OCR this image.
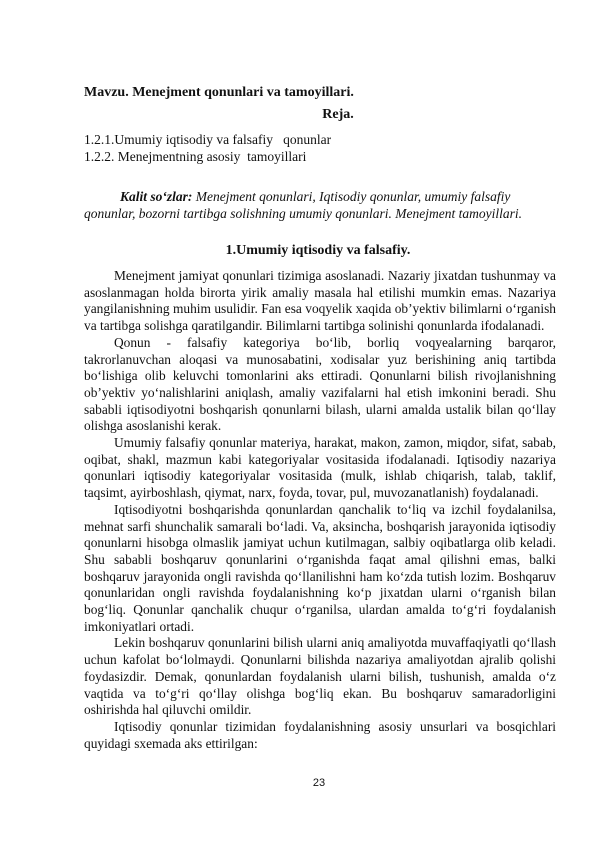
Mavzu. Menejment qonunlari va tamoyillari.
Reja.
1.2.1.Umumiy iqtisodiy va falsafiy   qonunlar
1.2.2. Menejmentning asosiy  tamoyillari
Kalit so‘zlar: Menejment qonunlari, Iqtisodiy qonunlar, umumiy falsafiy qonunlar, bozorni tartibga solishning umumiy qonunlari. Menejment tamoyillari.
1.Umumiy iqtisodiy va falsafiy.

Menejment jamiyat qonunlari tizimiga asoslanadi. Nazariy jixatdan tushunmay va asoslanmagan holda birorta yirik amaliy masala hal etilishi mumkin emas. Nazariya yangilanishning muhim usulidir. Fan esa voqyelik xaqida ob’yektiv bilimlarni o‘rganish va tartibga solishga qaratilgandir. Bilimlarni tartibga solinishi qonunlarda ifodalanadi.

Qonun - falsafiy kategoriya bo‘lib, borliq voqyealarning barqaror, takrorlanuvchan aloqasi va munosabatini, xodisalar yuz berishining aniq tartibda bo‘lishiga olib keluvchi tomonlarini aks ettiradi. Qonunlarni bilish rivojlanishning ob’yektiv yo‘nalishlarini aniqlash, amaliy vazifalarni hal etish imkonini beradi. Shu sababli iqtisodiyotni boshqarish qonunlarni bilash, ularni amalda ustalik bilan qo‘llay olishga asoslanishi kerak.

Umumiy falsafiy qonunlar materiya, harakat, makon, zamon, miqdor, sifat, sabab, oqibat, shakl, mazmun kabi kategoriyalar vositasida ifodalanadi. Iqtisodiy nazariya qonunlari iqtisodiy kategoriyalar vositasida (mulk, ishlab chiqarish, talab, taklif, taqsimt, ayirboshlash, qiymat, narx, foyda, tovar, pul, muvozanatlanish) foydalanadi.

Iqtisodiyotni boshqarishda qonunlardan qanchalik to‘liq va izchil foydalanilsa, mehnat sarfi shunchalik samarali bo‘ladi. Va, aksincha, boshqarish jarayonida iqtisodiy qonunlarni hisobga olmaslik jamiyat uchun kutilmagan, salbiy oqibatlarga olib keladi. Shu sababli boshqaruv qonunlarini o‘rganishda faqat amal qilishni emas, balki boshqaruv jarayonida ongli ravishda qo‘llanilishni ham ko‘zda tutish lozim. Boshqaruv qonunlaridan ongli ravishda foydalanishning ko‘p jixatdan ularni o‘rganish bilan bog‘liq. Qonunlar qanchalik chuqur o‘rganilsa, ulardan amalda to‘g‘ri foydalanish imkoniyatlari ortadi.

Lekin boshqaruv qonunlarini bilish ularni aniq amaliyotda muvaffaqiyatli qo‘llash uchun kafolat bo‘lolmaydi. Qonunlarni bilishda nazariya amaliyotdan ajralib qolishi foydasizdir. Demak, qonunlardan foydalanish ularni bilish, tushunish, amalda o‘z vaqtida va to‘g‘ri qo‘llay olishga bog‘liq ekan. Bu boshqaruv samaradorligini oshirishda hal qiluvchi omildir.

Iqtisodiy qonunlar tizimidan foydalanishning asosiy unsurlari va bosqichlari quyidagi sxemada aks ettirilgan:

23
